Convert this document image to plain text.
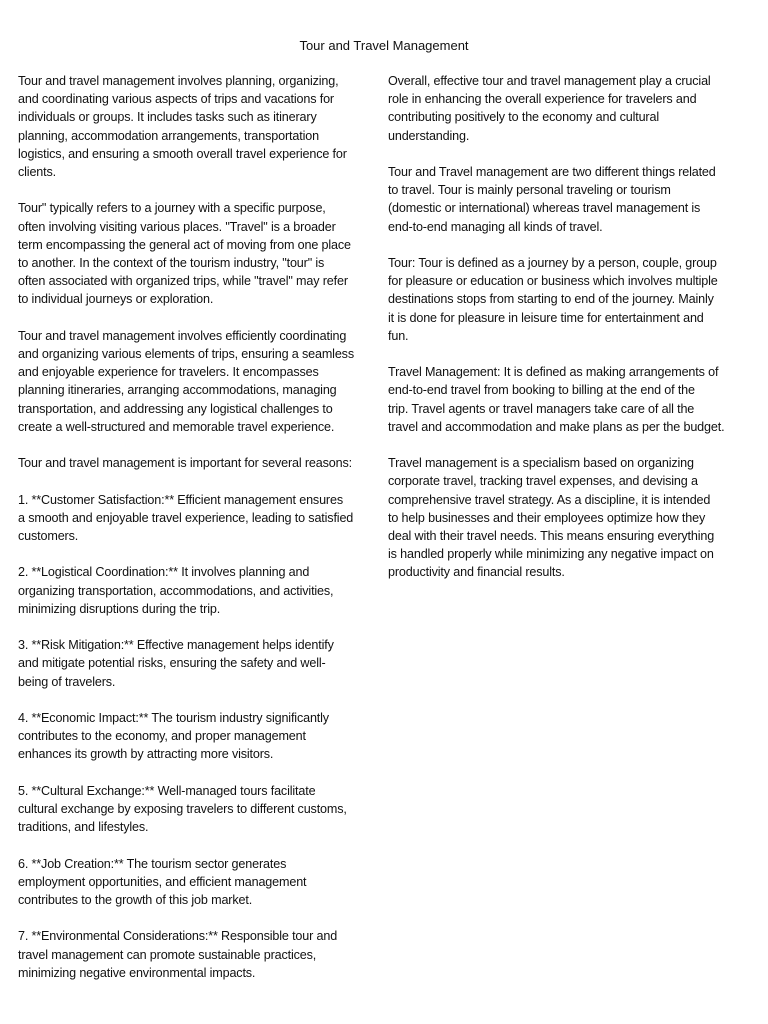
Tour and Travel Management

Tour and travel management involves planning, organizing,
and coordinating various aspects of trips and vacations for
individuals or groups. It includes tasks such as itinerary
planning, accommodation arrangements, transportation
logistics, and ensuring a smooth overall travel experience for
clients.

Tour" typically refers to a journey with a specific purpose,
often involving visiting various places. "Travel" is a broader
term encompassing the general act of moving from one place
to another. In the context of the tourism industry, "tour" is
often associated with organized trips, while "travel" may refer
to individual journeys or exploration.

Tour and travel management involves efficiently coordinating
and organizing various elements of trips, ensuring a seamless
and enjoyable experience for travelers. It encompasses
planning itineraries, arranging accommodations, managing
transportation, and addressing any logistical challenges to
create a well-structured and memorable travel experience.

Tour and travel management is important for several reasons:

1. **Customer Satisfaction:** Efficient management ensures
a smooth and enjoyable travel experience, leading to satisfied
customers.

2. **Logistical Coordination:** It involves planning and
organizing transportation, accommodations, and activities,
minimizing disruptions during the trip.

3. **Risk Mitigation:** Effective management helps identify
and mitigate potential risks, ensuring the safety and well-
being of travelers.

4. **Economic Impact:** The tourism industry significantly
contributes to the economy, and proper management
enhances its growth by attracting more visitors.

5. **Cultural Exchange:** Well-managed tours facilitate
cultural exchange by exposing travelers to different customs,
traditions, and lifestyles.

6. **Job Creation:** The tourism sector generates
employment opportunities, and efficient management
contributes to the growth of this job market.

7. **Environmental Considerations:** Responsible tour and
travel management can promote sustainable practices,
minimizing negative environmental impacts.

Overall, effective tour and travel management play a crucial
role in enhancing the overall experience for travelers and
contributing positively to the economy and cultural
understanding.

Tour and Travel management are two different things related
to travel. Tour is mainly personal traveling or tourism
(domestic or international) whereas travel management is
end-to-end managing all kinds of travel.

Tour: Tour is defined as a journey by a person, couple, group
for pleasure or education or business which involves multiple
destinations stops from starting to end of the journey. Mainly
it is done for pleasure in leisure time for entertainment and
fun.

Travel Management: It is defined as making arrangements of
end-to-end travel from booking to billing at the end of the
trip. Travel agents or travel managers take care of all the
travel and accommodation and make plans as per the budget.

Travel management is a specialism based on organizing
corporate travel, tracking travel expenses, and devising a
comprehensive travel strategy. As a discipline, it is intended
to help businesses and their employees optimize how they
deal with their travel needs. This means ensuring everything
is handled properly while minimizing any negative impact on
productivity and financial results.
